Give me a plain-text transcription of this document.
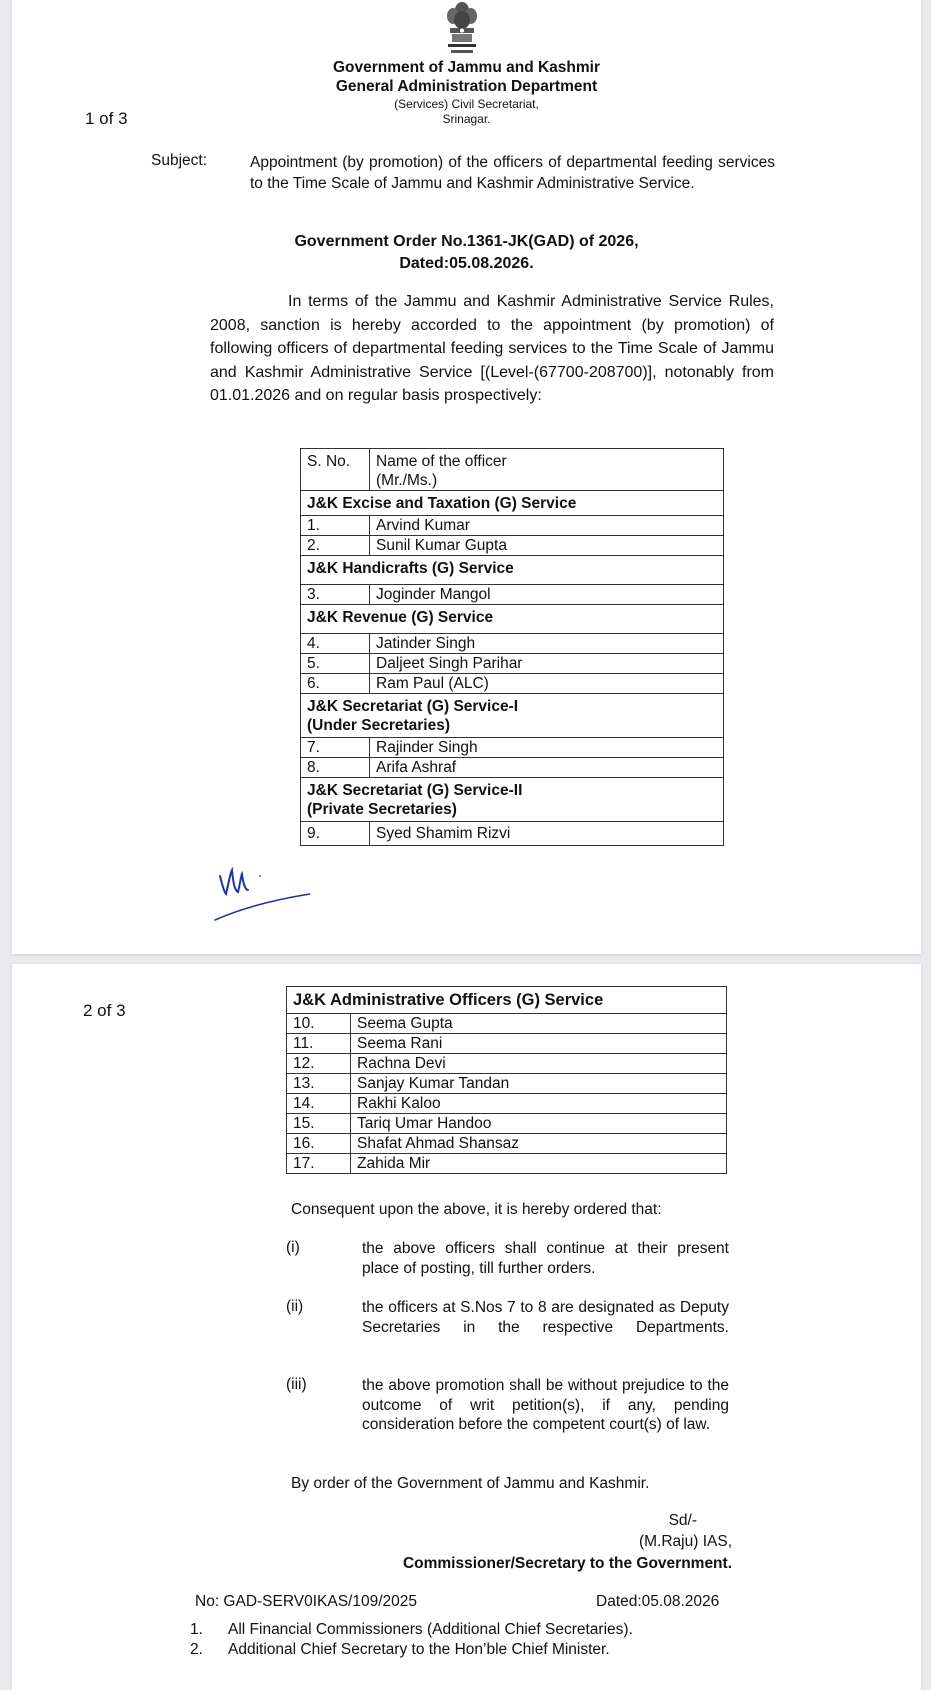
Government of Jammu and Kashmir
General Administration Department
(Services) Civil Secretariat,
Srinagar.
1 of 3
Subject:	Appointment (by promotion) of the officers of departmental feeding services to the Time Scale of Jammu and Kashmir Administrative Service.
Government Order No.1361-JK(GAD) of 2026,
Dated:05.08.2026.
In terms of the Jammu and Kashmir Administrative Service Rules, 2008, sanction is hereby accorded to the appointment (by promotion) of following officers of departmental feeding services to the Time Scale of Jammu and Kashmir Administrative Service [(Level-(67700-208700)], notonably from 01.01.2026 and on regular basis prospectively:
S. No.	Name of the officer
(Mr./Ms.)

J&K Excise and Taxation (G) Service	
1.	Arvind Kumar
2.	Sunil Kumar Gupta
J&K Handicrafts (G) Service	
3.	Joginder Mangol
J&K Revenue (G) Service	
4.	Jatinder Singh
5.	Daljeet Singh Parihar
6.	Ram Paul (ALC)

J&K Secretariat (G) Service-I
(Under Secretaries)	

7.	Rajinder Singh
8.	Arifa Ashraf

J&K Secretariat (G) Service-II
(Private Secretaries)	

9.	Syed Shamim Rizvi
2 of 3
J&K Administrative Officers (G) Service	
10.	Seema Gupta
11.	Seema Rani
12.	Rachna Devi
13.	Sanjay Kumar Tandan
14.	Rakhi Kaloo
15.	Tariq Umar Handoo
16.	Shafat Ahmad Shansaz
17.	Zahida Mir
Consequent upon the above, it is hereby ordered that:
(i)	the above officers shall continue at their present place of posting, till further orders.
(ii)	the officers at S.Nos 7 to 8 are designated as Deputy Secretaries in the respective Departments.
(iii)	the above promotion shall be without prejudice to the outcome of writ petition(s), if any, pending consideration before the competent court(s) of law.
By order of the Government of Jammu and Kashmir.
Sd/-
(M.Raju) IAS,
Commissioner/Secretary to the Government.
No: GAD-SERV0IKAS/109/2025	Dated:05.08.2026
1. All Financial Commissioners (Additional Chief Secretaries).
2. Additional Chief Secretary to the Hon’ble Chief Minister.
